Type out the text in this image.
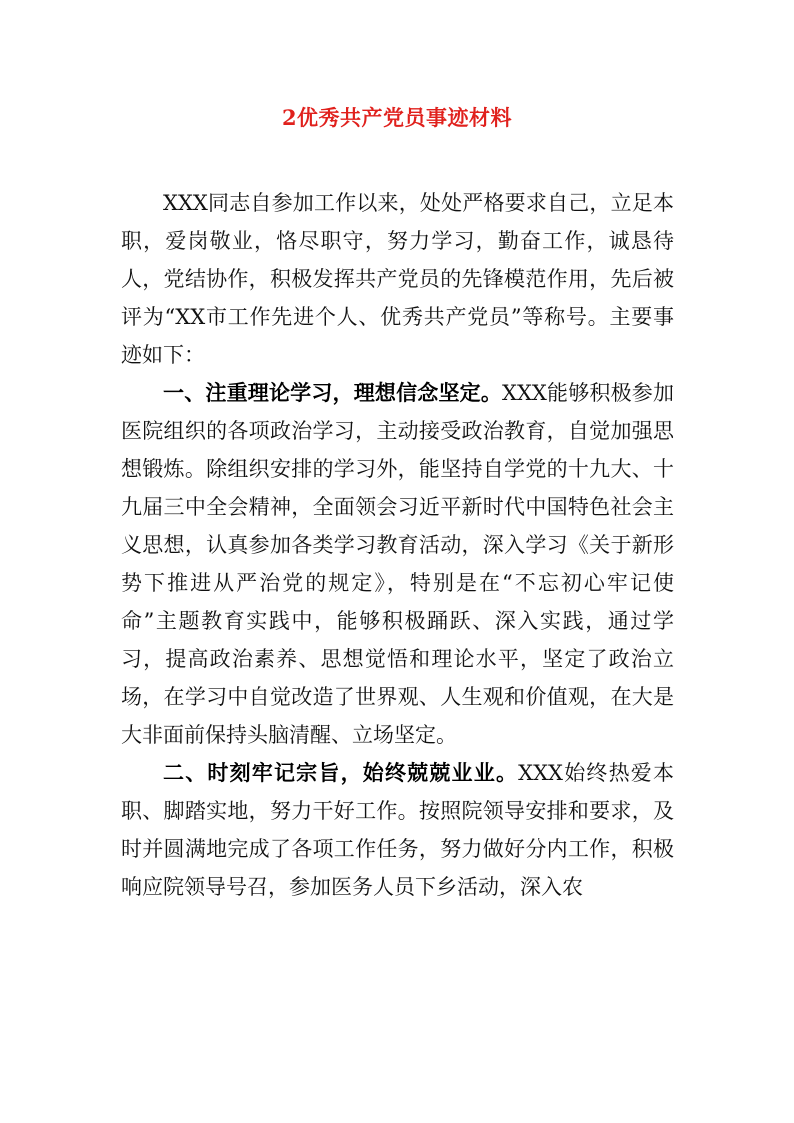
2优秀共产党员事迹材料

XXX同志自参加工作以来，处处严格要求自己，立足本职，爱岗敬业，恪尽职守，努力学习，勤奋工作，诚恳待人，党结协作，积极发挥共产党员的先锋模范作用，先后被评为“XX市工作先进个人、优秀共产党员”等称号。主要事迹如下：

一、注重理论学习，理想信念坚定。XXX能够积极参加医院组织的各项政治学习，主动接受政治教育，自觉加强思想锻炼。除组织安排的学习外，能坚持自学党的十九大、十九届三中全会精神，全面领会习近平新时代中国特色社会主义思想，认真参加各类学习教育活动，深入学习《关于新形势下推进从严治党的规定》，特别是在“不忘初心牢记使命”主题教育实践中，能够积极踊跃、深入实践，通过学习，提高政治素养、思想觉悟和理论水平，坚定了政治立场，在学习中自觉改造了世界观、人生观和价值观，在大是大非面前保持头脑清醒、立场坚定。

二、时刻牢记宗旨，始终兢兢业业。XXX始终热爱本职、脚踏实地，努力干好工作。按照院领导安排和要求，及时并圆满地完成了各项工作任务，努力做好分内工作，积极响应院领导号召，参加医务人员下乡活动，深入农
